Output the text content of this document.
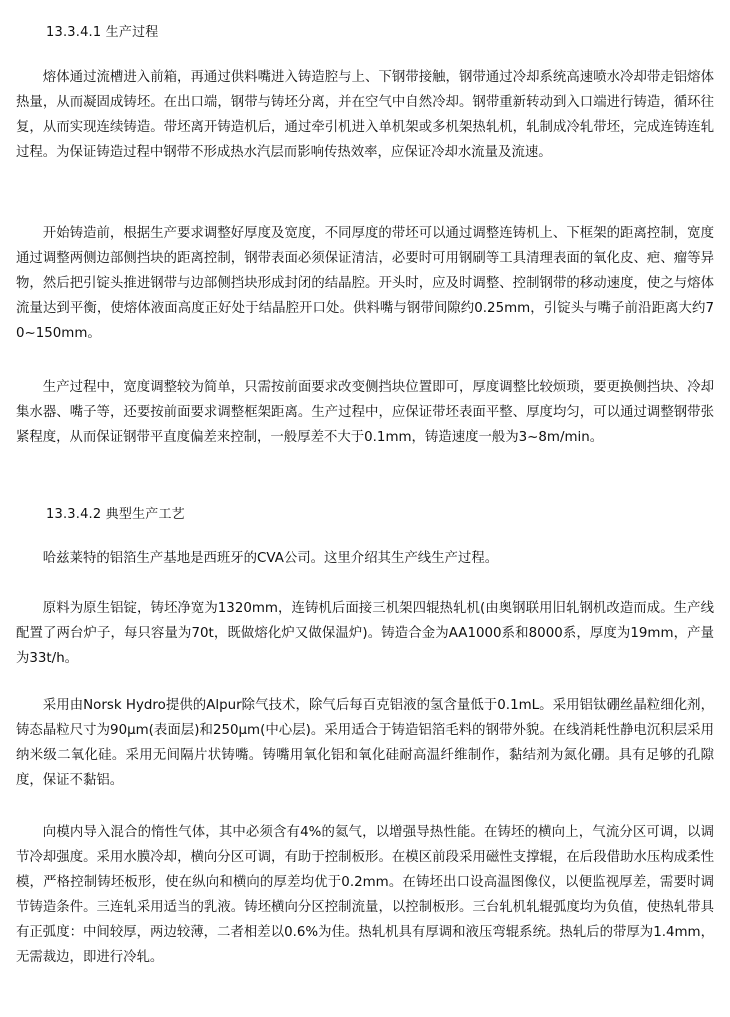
13.3.4.1 生产过程

熔体通过流槽进入前箱，再通过供料嘴进入铸造腔与上、下钢带接触，钢带通过冷却系统高速喷水冷却带走铝熔体热量，从而凝固成铸坯。在出口端，钢带与铸坯分离，并在空气中自然冷却。钢带重新转动到入口端进行铸造，循环往复，从而实现连续铸造。带坯离开铸造机后，通过牵引机进入单机架或多机架热轧机，轧制成冷轧带坯，完成连铸连轧过程。为保证铸造过程中钢带不形成热水汽层而影响传热效率，应保证冷却水流量及流速。

开始铸造前，根据生产要求调整好厚度及宽度，不同厚度的带坯可以通过调整连铸机上、下框架的距离控制，宽度通过调整两侧边部侧挡块的距离控制，钢带表面必须保证清洁，必要时可用钢刷等工具清理表面的氧化皮、疤、瘤等异物，然后把引锭头推进钢带与边部侧挡块形成封闭的结晶腔。开头时，应及时调整、控制钢带的移动速度，使之与熔体流量达到平衡，使熔体液面高度正好处于结晶腔开口处。供料嘴与钢带间隙约0.25mm，引锭头与嘴子前沿距离大约70~150mm。

生产过程中，宽度调整较为简单，只需按前面要求改变侧挡块位置即可，厚度调整比较烦琐，要更换侧挡块、冷却集水器、嘴子等，还要按前面要求调整框架距离。生产过程中，应保证带坯表面平整、厚度均匀，可以通过调整钢带张紧程度，从而保证钢带平直度偏差来控制，一般厚差不大于0.1mm，铸造速度一般为3~8m/min。

13.3.4.2 典型生产工艺

哈兹莱特的铝箔生产基地是西班牙的CVA公司。这里介绍其生产线生产过程。

原料为原生铝锭，铸坯净宽为1320mm，连铸机后面接三机架四辊热轧机(由奥钢联用旧轧钢机改造而成。生产线配置了两台炉子，每只容量为70t，既做熔化炉又做保温炉)。铸造合金为AA1000系和8000系，厚度为19mm，产量为33t/h。

采用由Norsk Hydro提供的Alpur除气技术，除气后每百克铝液的氢含量低于0.1mL。采用铝钛硼丝晶粒细化剂，铸态晶粒尺寸为90μm(表面层)和250μm(中心层)。采用适合于铸造铝箔毛料的钢带外貌。在线消耗性静电沉积层采用纳米级二氧化硅。采用无间隔片状铸嘴。铸嘴用氧化铝和氧化硅耐高温纤维制作，黏结剂为氮化硼。具有足够的孔隙度，保证不黏铝。

向模内导入混合的惰性气体，其中必须含有4%的氦气，以增强导热性能。在铸坯的横向上，气流分区可调，以调节冷却强度。采用水膜冷却，横向分区可调，有助于控制板形。在模区前段采用磁性支撑辊，在后段借助水压构成柔性模，严格控制铸坯板形，使在纵向和横向的厚差均优于0.2mm。在铸坯出口设高温图像仪，以便监视厚差，需要时调节铸造条件。三连轧采用适当的乳液。铸坯横向分区控制流量，以控制板形。三台轧机轧辊弧度均为负值，使热轧带具有正弧度：中间较厚，两边较薄，二者相差以0.6%为佳。热轧机具有厚调和液压弯辊系统。热轧后的带厚为1.4mm，无需裁边，即进行冷轧。
